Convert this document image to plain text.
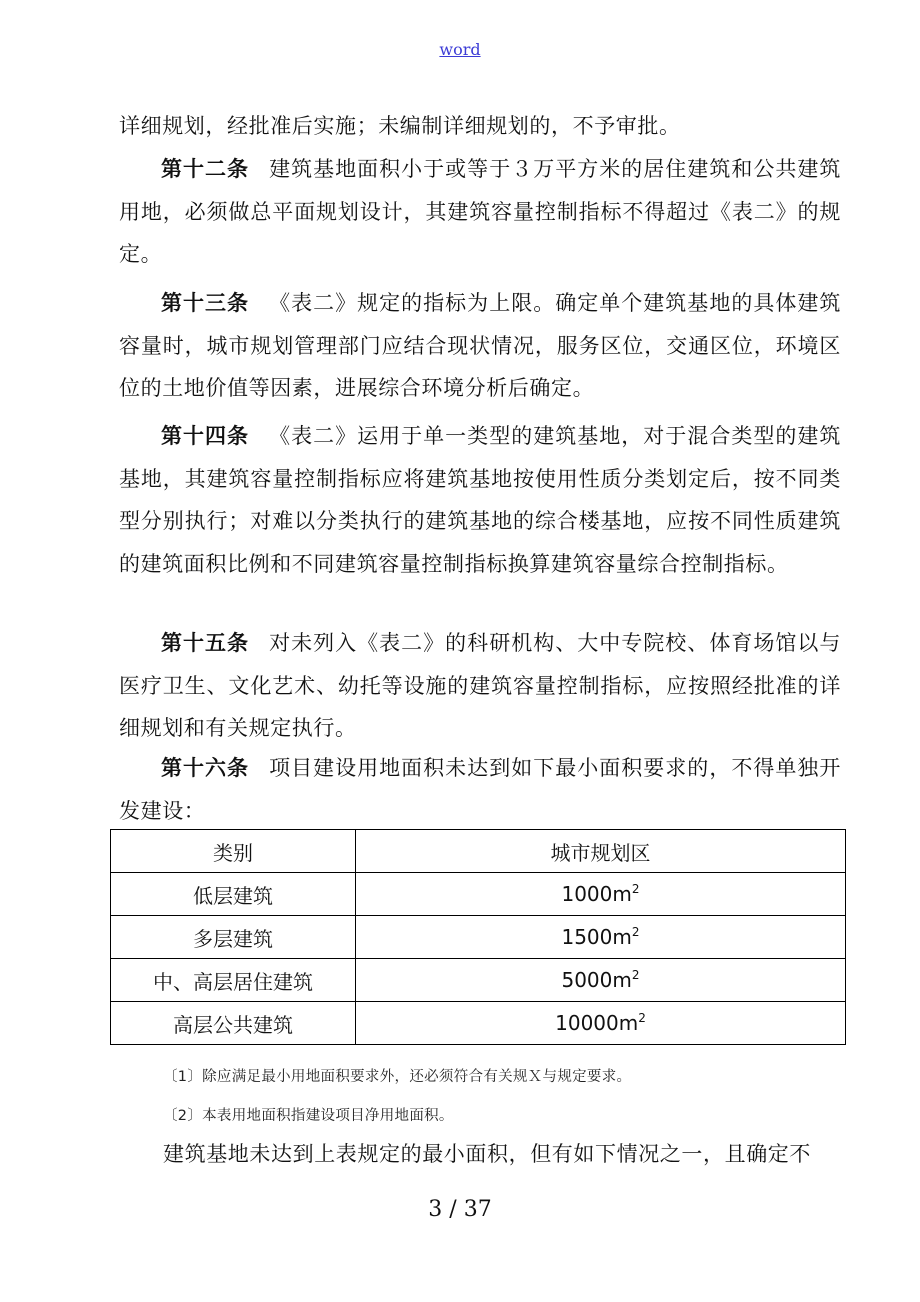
word
详细规划，经批准后实施；未编制详细规划的，不予审批。
第十二条 建筑基地面积小于或等于３万平方米的居住建筑和公共建筑用地，必须做总平面规划设计，其建筑容量控制指标不得超过《表二》的规定。
第十三条 《表二》规定的指标为上限。确定单个建筑基地的具体建筑容量时，城市规划管理部门应结合现状情况，服务区位，交通区位，环境区位的土地价值等因素，进展综合环境分析后确定。
第十四条 《表二》运用于单一类型的建筑基地，对于混合类型的建筑基地，其建筑容量控制指标应将建筑基地按使用性质分类划定后，按不同类型分别执行；对难以分类执行的建筑基地的综合楼基地，应按不同性质建筑的建筑面积比例和不同建筑容量控制指标换算建筑容量综合控制指标。
第十五条 对未列入《表二》的科研机构、大中专院校、体育场馆以与医疗卫生、文化艺术、幼托等设施的建筑容量控制指标，应按照经批准的详细规划和有关规定执行。
第十六条 项目建设用地面积未达到如下最小面积要求的，不得单独开发建设：
类别	城市规划区
低层建筑	$1000m^2$
多层建筑	$1500m^2$
中、高层居住建筑	$5000m^2$
高层公共建筑	$10000m^2$
〔1〕除应满足最小用地面积要求外，还必须符合有关规Ｘ与规定要求。
〔2〕本表用地面积指建设项目净用地面积。
建筑基地未达到上表规定的最小面积，但有如下情况之一，且确定不
3 / 37
